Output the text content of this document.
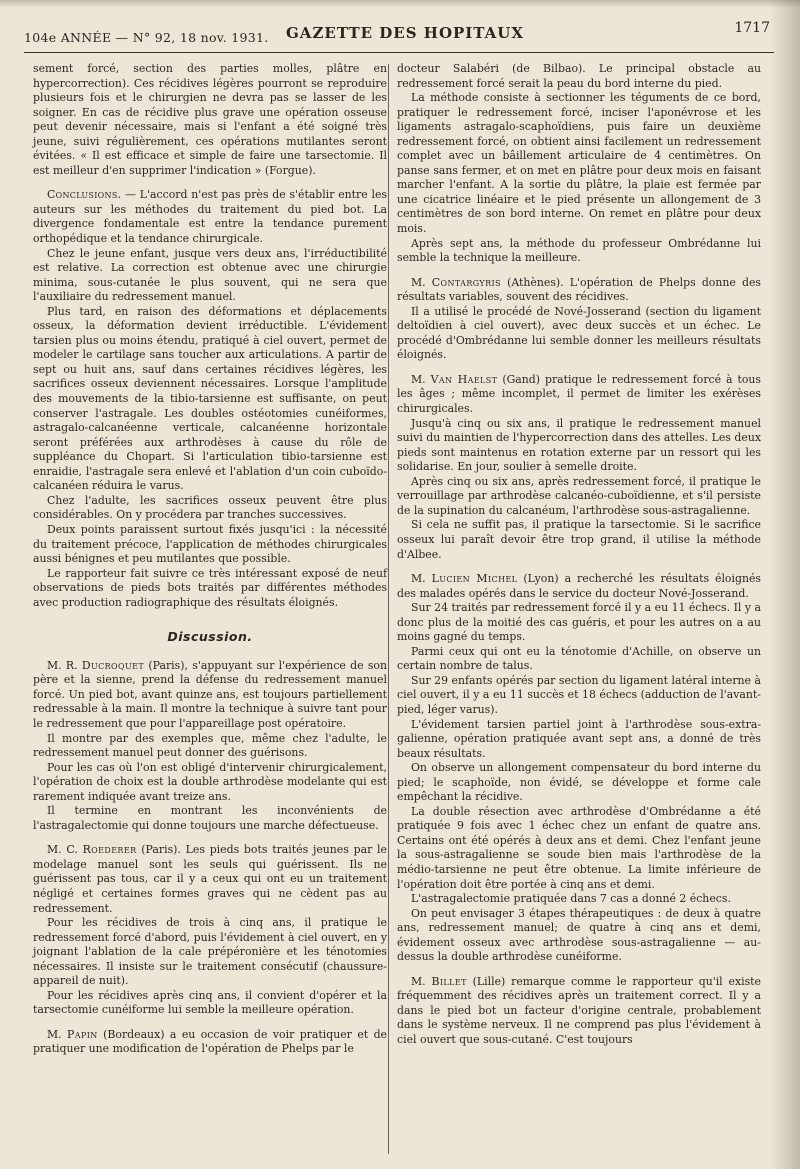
104e ANNÉE — N° 92, 18 nov. 1931. GAZETTE DES HOPITAUX	1717

sement forcé, section des parties molles, plâtre en hypercorrection). Ces récidives légères pourront se reproduire plusieurs fois et le chirurgien ne devra pas se lasser de les soigner. En cas de récidive plus grave une opération osseuse peut devenir nécessaire, mais si l'enfant a été soigné très jeune, suivi régulièrement, ces opérations mutilantes seront évitées. « Il est efficace et simple de faire une tarsectomie. Il est meilleur d'en supprimer l'indication » (Forgue).

Conclusions. — L'accord n'est pas près de s'établir entre les auteurs sur les méthodes du traitement du pied bot. La divergence fondamentale est entre la tendance purement orthopédique et la tendance chirurgicale.

Chez le jeune enfant, jusque vers deux ans, l'irréductibilité est relative. La correction est obtenue avec une chirurgie minima, sous-cutanée le plus souvent, qui ne sera que l'auxiliaire du redressement manuel.

Plus tard, en raison des déformations et déplacements osseux, la déformation devient irréductible. L'évidement tarsien plus ou moins étendu, pratiqué à ciel ouvert, permet de modeler le cartilage sans toucher aux articulations. A partir de sept ou huit ans, sauf dans certaines récidives légères, les sacrifices osseux deviennent nécessaires. Lorsque l'amplitude des mouvements de la tibio-tarsienne est suffisante, on peut conserver l'astragale. Les doubles ostéotomies cunéiformes, astragalo-calcanéenne verticale, calcanéenne horizontale seront préférées aux arthrodèses à cause du rôle de suppléance du Chopart. Si l'articulation tibio-tarsienne est enraidie, l'astragale sera enlevé et l'ablation d'un coin cuboïdo-calcanéen réduira le varus.

Chez l'adulte, les sacrifices osseux peuvent être plus considérables. On y procédera par tranches successives.

Deux points paraissent surtout fixés jusqu'ici : la nécessité du traitement précoce, l'application de méthodes chirurgicales aussi bénignes et peu mutilantes que possible.

Le rapporteur fait suivre ce très intéressant exposé de neuf observations de pieds bots traités par différentes méthodes avec production radiographique des résultats éloignés.

Discussion.

M. R. Ducroquet (Paris), s'appuyant sur l'expérience de son père et la sienne, prend la défense du redressement manuel forcé. Un pied bot, avant quinze ans, est toujours partiellement redressable à la main. Il montre la technique à suivre tant pour le redressement que pour l'appareillage post opératoire.

Il montre par des exemples que, même chez l'adulte, le redressement manuel peut donner des guérisons.

Pour les cas où l'on est obligé d'intervenir chirurgicalement, l'opération de choix est la double arthrodèse modelante qui est rarement indiquée avant treize ans.

Il termine en montrant les inconvénients de l'astragalectomie qui donne toujours une marche défectueuse.

M. C. Roederer (Paris). Les pieds bots traités jeunes par le modelage manuel sont les seuls qui guérissent. Ils ne guérissent pas tous, car il y a ceux qui ont eu un traitement négligé et certaines formes graves qui ne cèdent pas au redressement.

Pour les récidives de trois à cinq ans, il pratique le redressement forcé d'abord, puis l'évidement à ciel ouvert, en y joignant l'ablation de la cale prépéronière et les ténotomies nécessaires. Il insiste sur le traitement consécutif (chaussure-appareil de nuit).

Pour les récidives après cinq ans, il convient d'opérer et la tarsectomie cunéiforme lui semble la meilleure opération.

M. Papin (Bordeaux) a eu occasion de voir pratiquer et de pratiquer une modification de l'opération de Phelps par le

docteur Salabéri (de Bilbao). Le principal obstacle au redressement forcé serait la peau du bord interne du pied.

La méthode consiste à sectionner les téguments de ce bord, pratiquer le redressement forcé, inciser l'aponévrose et les ligaments astragalo-scaphoïdiens, puis faire un deuxième redressement forcé, on obtient ainsi facilement un redressement complet avec un bâillement articulaire de 4 centimètres. On panse sans fermer, et on met en plâtre pour deux mois en faisant marcher l'enfant. A la sortie du plâtre, la plaie est fermée par une cicatrice linéaire et le pied présente un allongement de 3 centimètres de son bord interne. On remet en plâtre pour deux mois.

Après sept ans, la méthode du professeur Ombrédanne lui semble la technique la meilleure.

M. Contargyris (Athènes). L'opération de Phelps donne des résultats variables, souvent des récidives.

Il a utilisé le procédé de Nové-Josserand (section du ligament deltoïdien à ciel ouvert), avec deux succès et un échec. Le procédé d'Ombrédanne lui semble donner les meilleurs résultats éloignés.

M. Van Haelst (Gand) pratique le redressement forcé à tous les âges ; même incomplet, il permet de limiter les exérèses chirurgicales.

Jusqu'à cinq ou six ans, il pratique le redressement manuel suivi du maintien de l'hypercorrection dans des attelles. Les deux pieds sont maintenus en rotation externe par un ressort qui les solidarise. En jour, soulier à semelle droite.

Après cinq ou six ans, après redressement forcé, il pratique le verrouillage par arthrodèse calcanéo-cuboïdienne, et s'il persiste de la supination du calcanéum, l'arthrodèse sous-astragalienne.

Si cela ne suffit pas, il pratique la tarsectomie. Si le sacrifice osseux lui paraît devoir être trop grand, il utilise la méthode d'Albee.

M. Lucien Michel (Lyon) a recherché les résultats éloignés des malades opérés dans le service du docteur Nové-Josserand.

Sur 24 traités par redressement forcé il y a eu 11 échecs. Il y a donc plus de la moitié des cas guéris, et pour les autres on a au moins gagné du temps.

Parmi ceux qui ont eu la ténotomie d'Achille, on observe un certain nombre de talus.

Sur 29 enfants opérés par section du ligament latéral interne à ciel ouvert, il y a eu 11 succès et 18 échecs (adduction de l'avant-pied, léger varus).

L'évidement tarsien partiel joint à l'arthrodèse sous-extra-galienne, opération pratiquée avant sept ans, a donné de très beaux résultats.

On observe un allongement compensateur du bord interne du pied; le scaphoïde, non évidé, se développe et forme cale empêchant la récidive.

La double résection avec arthrodèse d'Ombrédanne a été pratiquée 9 fois avec 1 échec chez un enfant de quatre ans. Certains ont été opérés à deux ans et demi. Chez l'enfant jeune la sous-astragalienne se soude bien mais l'arthrodèse de la médio-tarsienne ne peut être obtenue. La limite inférieure de l'opération doit être portée à cinq ans et demi.

L'astragalectomie pratiquée dans 7 cas a donné 2 échecs.

On peut envisager 3 étapes thérapeutiques : de deux à quatre ans, redressement manuel; de quatre à cinq ans et demi, évidement osseux avec arthrodèse sous-astragalienne — au-dessus la double arthrodèse cunéiforme.

M. Billet (Lille) remarque comme le rapporteur qu'il existe fréquemment des récidives après un traitement correct. Il y a dans le pied bot un facteur d'origine centrale, probablement dans le système nerveux. Il ne comprend pas plus l'évidement à ciel ouvert que sous-cutané. C'est toujours
